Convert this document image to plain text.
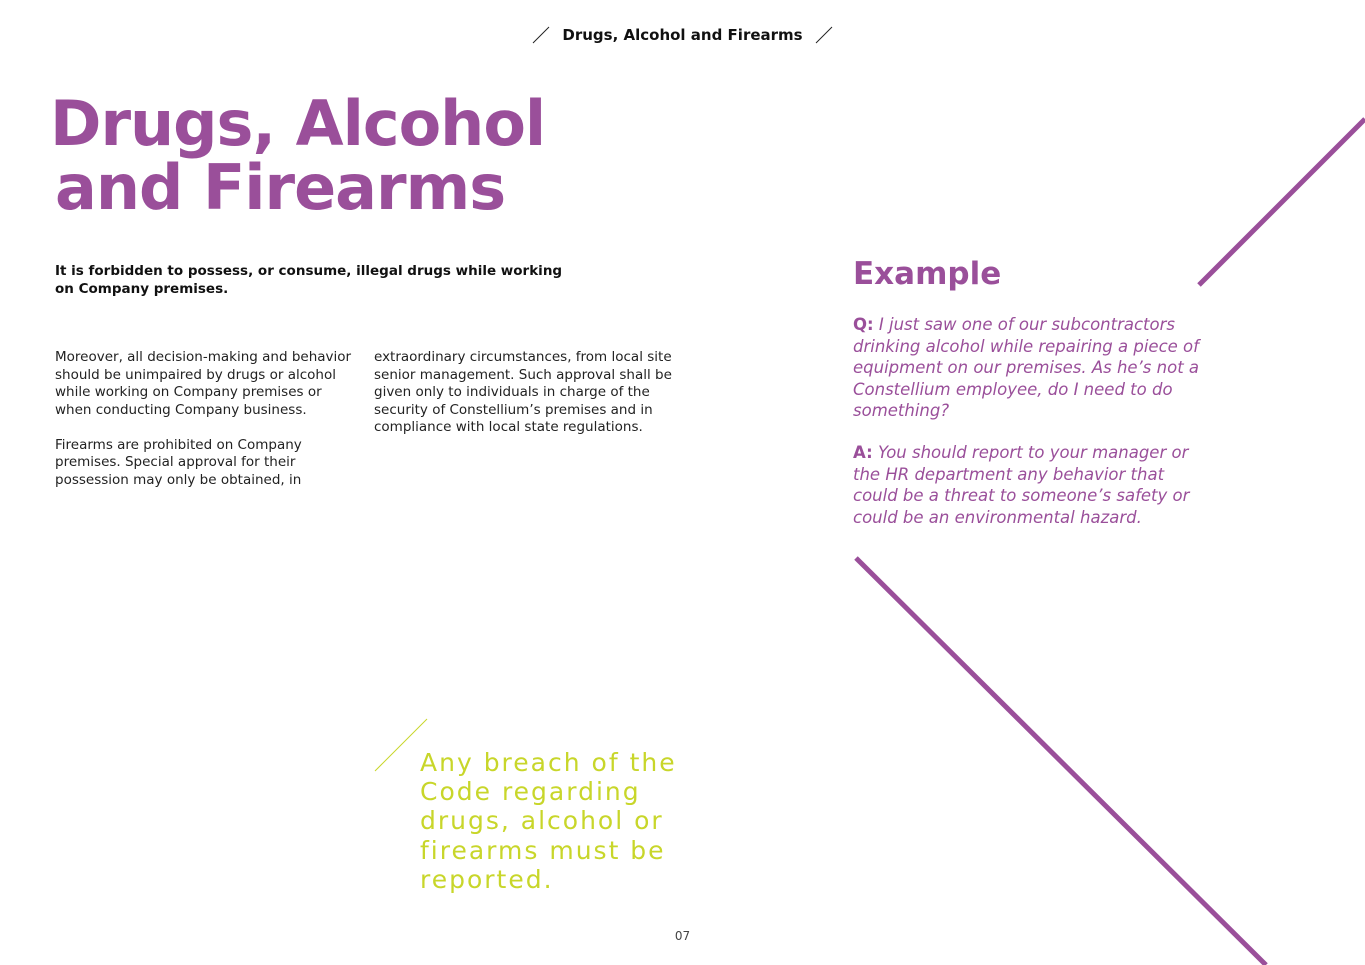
Drugs, Alcohol and Firearms
Drugs, Alcohol
and Firearms

It is forbidden to possess, or consume, illegal drugs while working on Company premises.

Moreover, all decision-making and behavior should be unimpaired by drugs or alcohol while working on Company premises or when conducting Company business.

Firearms are prohibited on Company premises. Special approval for their possession may only be obtained, in

extraordinary circumstances, from local site senior management. Such approval shall be given only to individuals in charge of the security of Constellium’s premises and in compliance with local state regulations.

Example

Q: I just saw one of our subcontractors drinking alcohol while repairing a piece of equipment on our premises. As he’s not a Constellium employee, do I need to do something?

A: You should report to your manager or the HR department any behavior that could be a threat to someone’s safety or could be an environmental hazard.

Any breach of the Code regarding drugs, alcohol or firearms must be reported.

07
